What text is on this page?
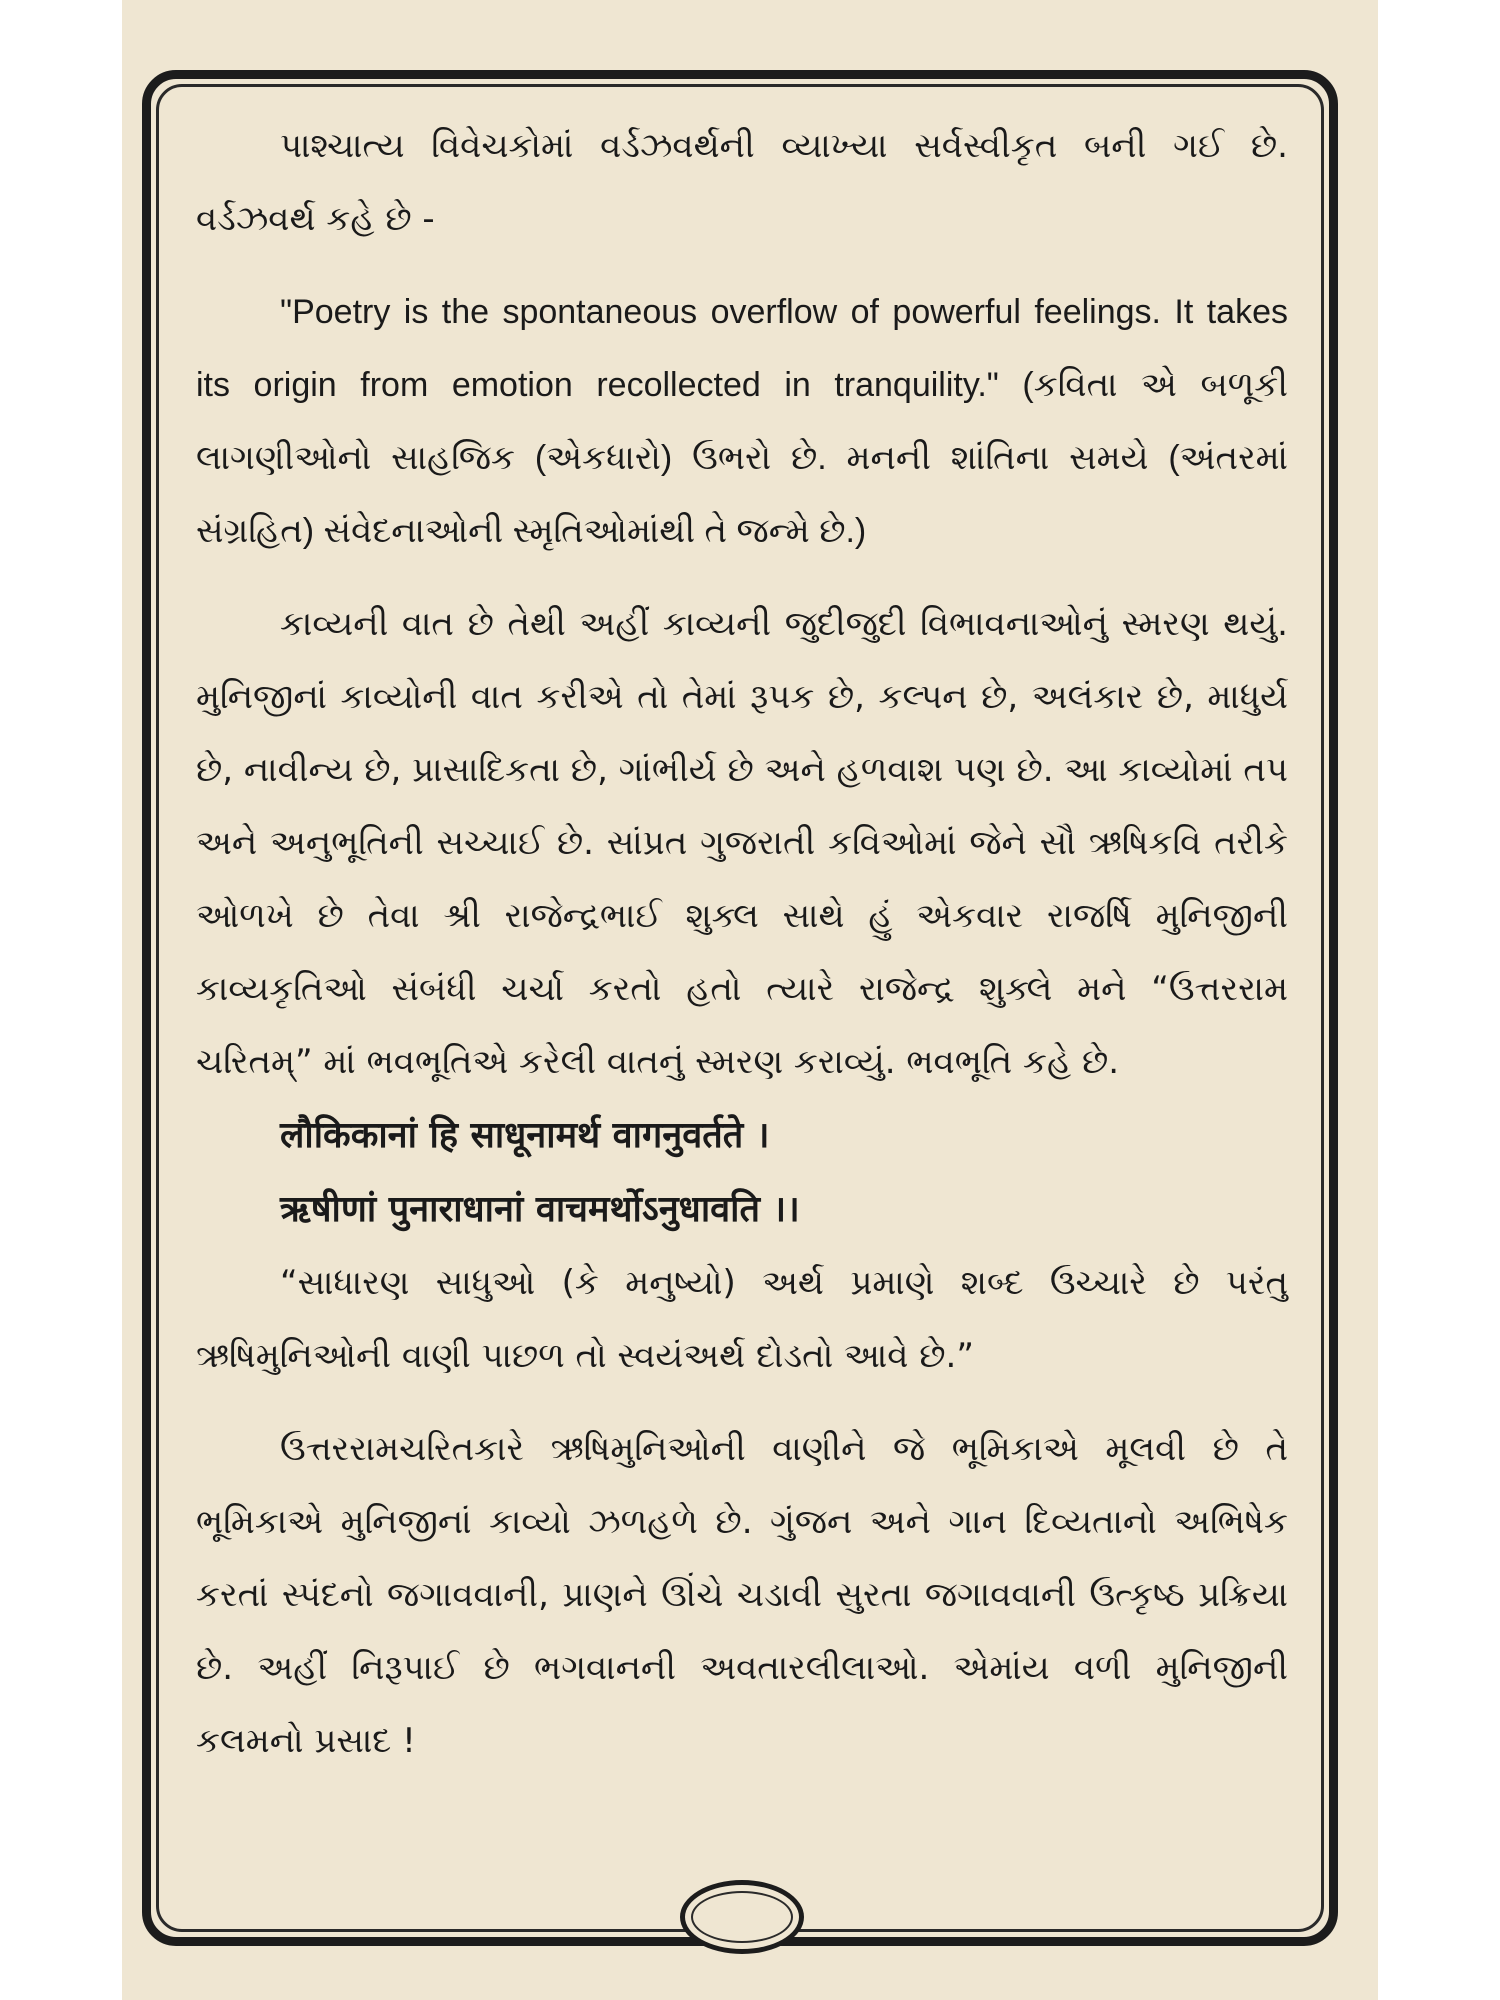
પાશ્ચાત્ય વિવેચકોમાં વર્ડઝવર્થની વ્યાખ્યા સર્વસ્વીકૃત બની ગઈ છે. વર્ડઝવર્થ કહે છે -

"Poetry is the spontaneous overflow of powerful feelings. It takes its origin from emotion recollected in tranquility." (કવિતા એ બળૂકી લાગણીઓનો સાહજિક (એકધારો) ઉભરો છે. મનની શાંતિના સમયે (અંતરમાં સંગ્રહિત) સંવેદનાઓની સ્મૃતિઓમાંથી તે જન્મે છે.)

કાવ્યની વાત છે તેથી અહીં કાવ્યની જુદીજુદી વિભાવનાઓનું સ્મરણ થયું. મુનિજીનાં કાવ્યોની વાત કરીએ તો તેમાં રૂપક છે, કલ્પન છે, અલંકાર છે, માધુર્ય છે, નાવીન્ય છે, પ્રાસાદિકતા છે, ગાંભીર્ય છે અને હળવાશ પણ છે. આ કાવ્યોમાં તપ અને અનુભૂતિની સચ્ચાઈ છે. સાંપ્રત ગુજરાતી કવિઓમાં જેને સૌ ઋષિકવિ તરીકે ઓળખે છે તેવા શ્રી રાજેન્દ્રભાઈ શુક્લ સાથે હું એકવાર રાજર્ષિ મુનિજીની કાવ્યકૃતિઓ સંબંધી ચર્ચા કરતો હતો ત્યારે રાજેન્દ્ર શુક્લે મને “ઉત્તરરામ ચરિતમ્” માં ભવભૂતિએ કરેલી વાતનું સ્મરણ કરાવ્યું. ભવભૂતિ કહે છે.

लौकिकानां हि साधूनामर्थ वागनुवर्तते ।

ऋषीणां पुनाराधानां वाचमर्थोऽनुधावति ।।

“સાધારણ સાધુઓ (કે મનુષ્યો) અર્થ પ્રમાણે શબ્દ ઉચ્ચારે છે પરંતુ ઋષિમુનિઓની વાણી પાછળ તો સ્વયંઅર્થ દોડતો આવે છે.”

ઉત્તરરામચરિતકારે ઋષિમુનિઓની વાણીને જે ભૂમિકાએ મૂલવી છે તે ભૂમિકાએ મુનિજીનાં કાવ્યો ઝળહળે છે. ગુંજન અને ગાન દિવ્યતાનો અભિષેક કરતાં સ્પંદનો જગાવવાની, પ્રાણને ઊંચે ચડાવી સુરતા જગાવવાની ઉત્કૃષ્ઠ પ્રક્રિયા છે. અહીં નિરૂપાઈ છે ભગવાનની અવતારલીલાઓ. એમાંય વળી મુનિજીની કલમનો પ્રસાદ !
